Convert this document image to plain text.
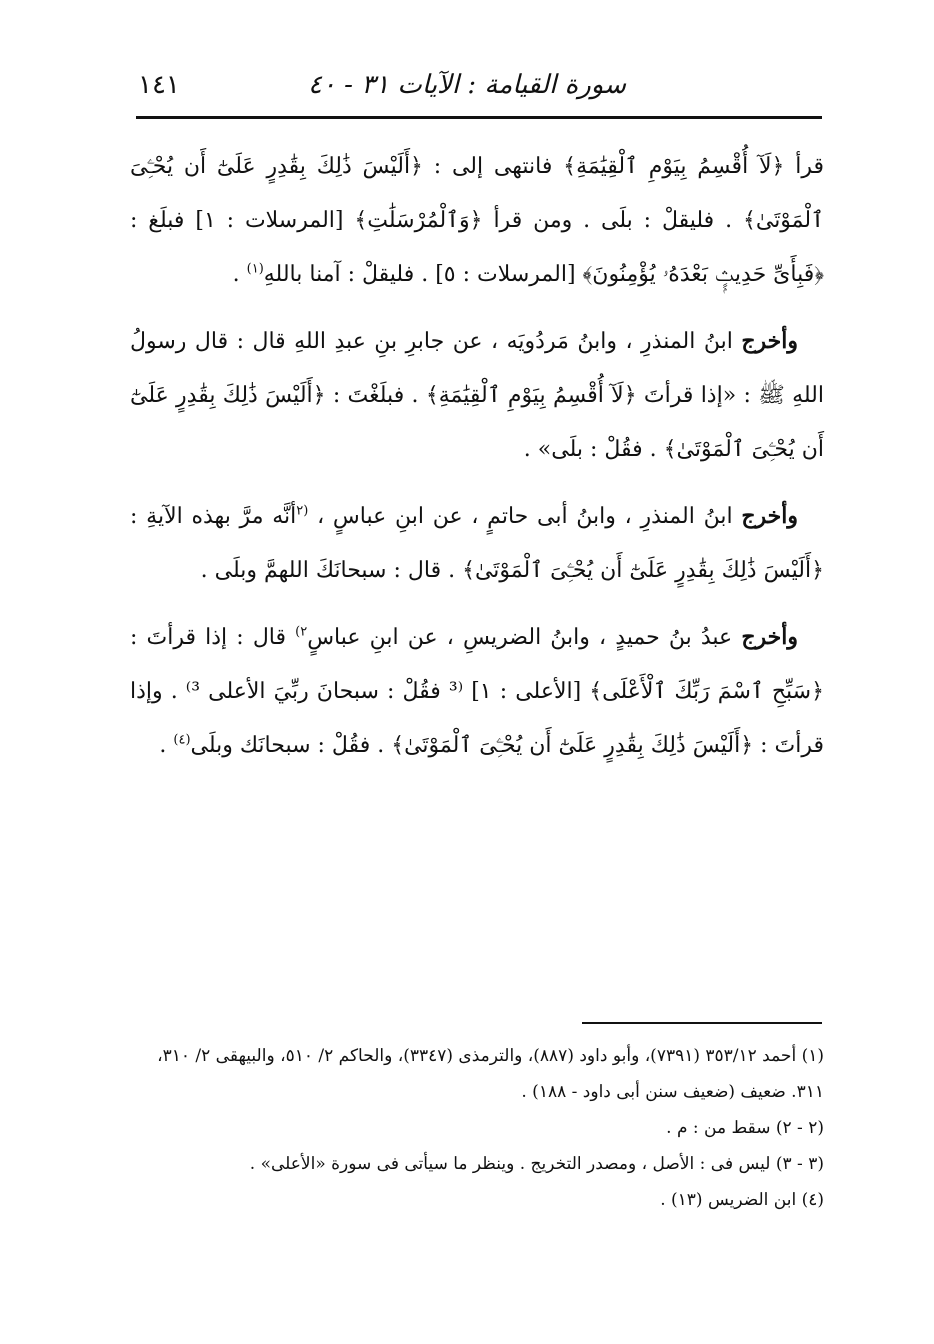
سورة القيامة : الآيات ٣١ - ٤٠
١٤١

قرأ ﴿لَآ أُقْسِمُ بِيَوْمِ ٱلْقِيَٰمَةِ﴾ فانتهى إلى : ﴿أَلَيْسَ ذَٰلِكَ بِقَٰدِرٍ عَلَىٰٓ أَن يُحْـِۧىَ ٱلْمَوْتَىٰ﴾ . فليقلْ : بلَى . ومن قرأ ﴿وَٱلْمُرْسَلَٰتِ﴾ [المرسلات : ١] فبلَغ : ﴿فَبِأَىِّ حَدِيثٍۭ بَعْدَهُۥ يُؤْمِنُونَ﴾ [المرسلات : ٥] . فليقلْ : آمنا باللهِ$^{(١)}$ .

وأخرج ابنُ المنذرِ ، وابنُ مَردُويَه ، عن جابرِ بنِ عبدِ اللهِ قال : قال رسولُ اللهِ ﷺ : «إذا قرأتَ ﴿لَآ أُقْسِمُ بِيَوْمِ ٱلْقِيَٰمَةِ﴾ . فبلَغْتَ : ﴿أَلَيْسَ ذَٰلِكَ بِقَٰدِرٍ عَلَىٰٓ أَن يُحْـِۧىَ ٱلْمَوْتَىٰ﴾ . فقُلْ : بلَى» .

وأخرج ابنُ المنذرِ ، وابنُ أبى حاتمٍ ، عن ابنِ عباسٍ ، $^{(٢}$أنَّه مرَّ بهذه الآيةِ : ﴿أَلَيْسَ ذَٰلِكَ بِقَٰدِرٍ عَلَىٰٓ أَن يُحْـِۧىَ ٱلْمَوْتَىٰ﴾ . قال : سبحانَكَ اللهمَّ وبلَى .

وأخرج عبدُ بنُ حميدٍ ، وابنُ الضريسِ ، عن ابنِ عباسٍ$^{٢)}$ قال : إذا قرأتَ : ﴿سَبِّحِ ٱسْمَ رَبِّكَ ٱلْأَعْلَى﴾ [الأعلى : ١] ⁽³ فقُلْ : سبحانَ ربِّيَ الأعلى ³⁾ . وإذا قرأتَ : ﴿أَلَيْسَ ذَٰلِكَ بِقَٰدِرٍ عَلَىٰٓ أَن يُحْـِۧىَ ٱلْمَوْتَىٰ﴾ . فقُلْ : سبحانَك وبلَى$^{(٤)}$ .

(١) أحمد ٣٥٣/١٢ (٧٣٩١)، وأبو داود (٨٨٧)، والترمذى (٣٣٤٧)، والحاكم ٢/ ٥١٠، والبيهقى ٢/ ٣١٠، ٣١١. ضعيف (ضعيف سنن أبى داود - ١٨٨) .

(٢ - ٢) سقط من : م .

(٣ - ٣) ليس فى : الأصل ، ومصدر التخريج . وينظر ما سيأتى فى سورة «الأعلى» .

(٤) ابن الضريس (١٣) .
